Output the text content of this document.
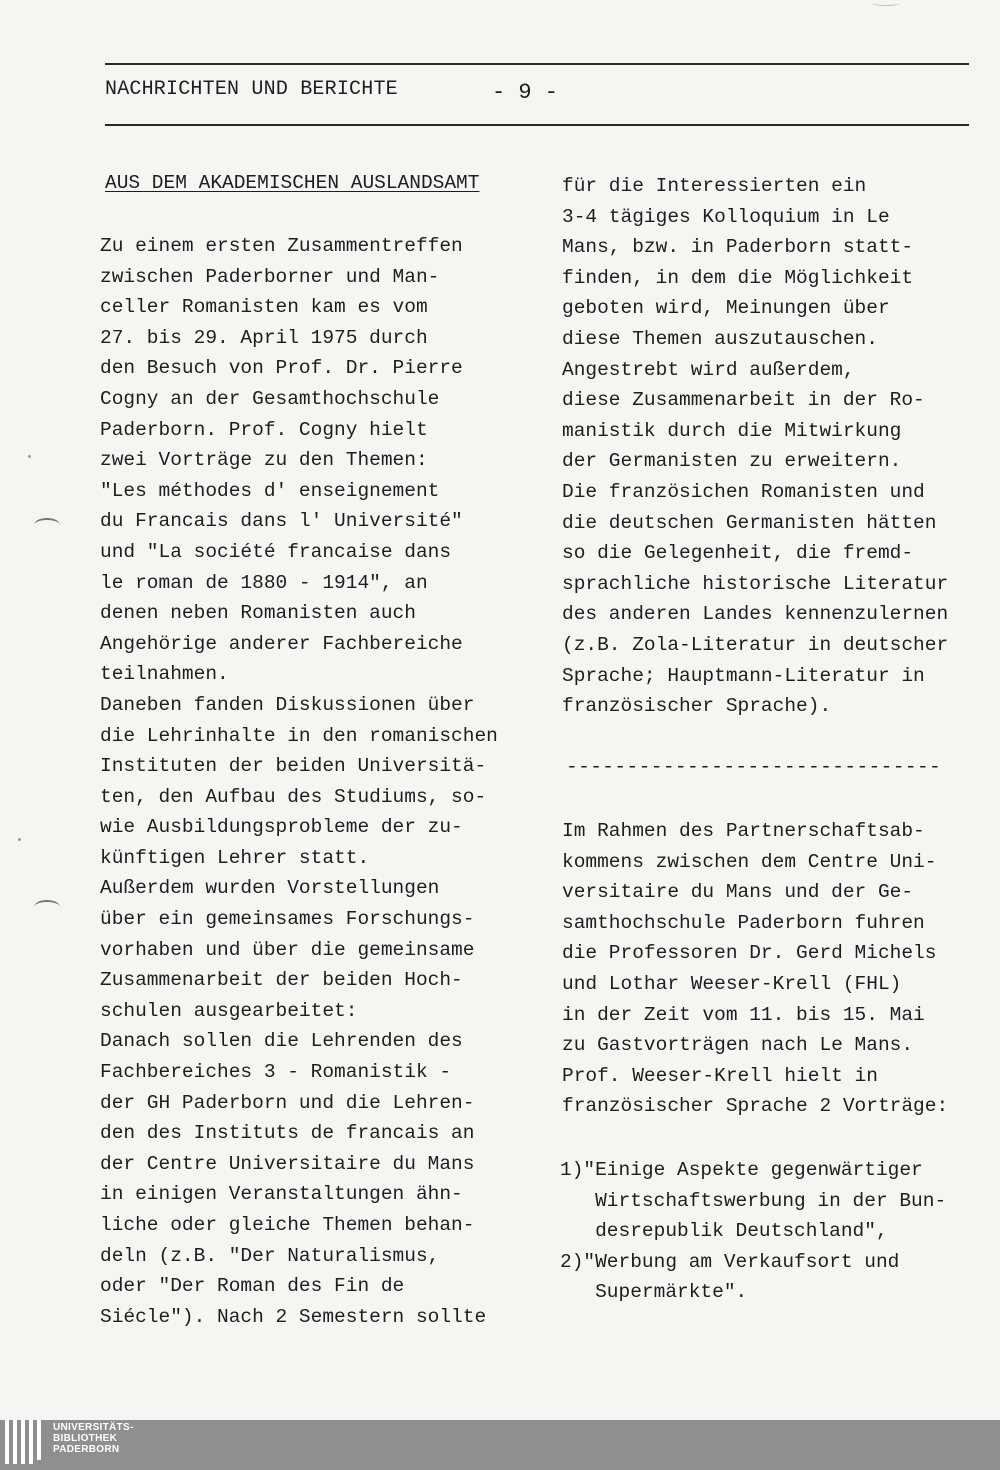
NACHRICHTEN UND BERICHTE	- 9 -
AUS DEM AKADEMISCHEN AUSLANDSAMT
Zu einem ersten Zusammentreffen
zwischen Paderborner und Man-
celler Romanisten kam es vom
27. bis 29. April 1975 durch
den Besuch von Prof. Dr. Pierre
Cogny an der Gesamthochschule
Paderborn. Prof. Cogny hielt
zwei Vorträge zu den Themen:
"Les méthodes d' enseignement
du Francais dans l' Université"
und "La société francaise dans
le roman de 1880 - 1914", an
denen neben Romanisten auch
Angehörige anderer Fachbereiche
teilnahmen.
Daneben fanden Diskussionen über
die Lehrinhalte in den romanischen
Instituten der beiden Universitä-
ten, den Aufbau des Studiums, so-
wie Ausbildungsprobleme der zu-
künftigen Lehrer statt.
Außerdem wurden Vorstellungen
über ein gemeinsames Forschungs-
vorhaben und über die gemeinsame
Zusammenarbeit der beiden Hoch-
schulen ausgearbeitet:
Danach sollen die Lehrenden des
Fachbereiches 3 - Romanistik -
der GH Paderborn und die Lehren-
den des Instituts de francais an
der Centre Universitaire du Mans
in einigen Veranstaltungen ähn-
liche oder gleiche Themen behan-
deln (z.B. "Der Naturalismus,
oder "Der Roman des Fin de
Siécle"). Nach 2 Semestern sollte
für die Interessierten ein
3-4 tägiges Kolloquium in Le
Mans, bzw. in Paderborn statt-
finden, in dem die Möglichkeit
geboten wird, Meinungen über
diese Themen auszutauschen.
Angestrebt wird außerdem,
diese Zusammenarbeit in der Ro-
manistik durch die Mitwirkung
der Germanisten zu erweitern.
Die französichen Romanisten und
die deutschen Germanisten hätten
so die Gelegenheit, die fremd-
sprachliche historische Literatur
des anderen Landes kennenzulernen
(z.B. Zola-Literatur in deutscher
Sprache; Hauptmann-Literatur in
französischer Sprache).
-------------------------------
Im Rahmen des Partnerschaftsab-
kommens zwischen dem Centre Uni-
versitaire du Mans und der Ge-
samthochschule Paderborn fuhren
die Professoren Dr. Gerd Michels
und Lothar Weeser-Krell (FHL)
in der Zeit vom 11. bis 15. Mai
zu Gastvorträgen nach Le Mans.
Prof. Weeser-Krell hielt in
französischer Sprache 2 Vorträge:
1)"Einige Aspekte gegenwärtiger
Wirtschaftswerbung in der Bun-
desrepublik Deutschland",
2)"Werbung am Verkaufsort und
Supermärkte".
UNIVERSITÄTS-
BIBLIOTHEK
PADERBORN
